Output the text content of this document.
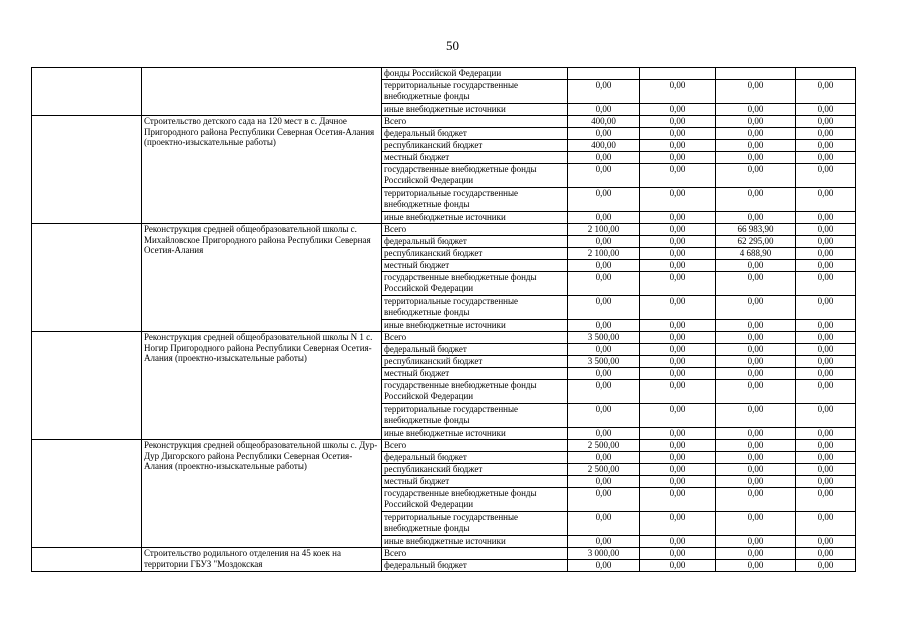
50
		фонды Российской Федерации				
		территориальные государственные внебюджетные фонды	0,00	0,00	0,00	0,00
		иные внебюджетные источники	0,00	0,00	0,00	0,00
	Строительство детского сада на 120 мест в с. Дачное Пригородного района Республики Северная Осетия-Алания (проектно-изыскательные работы)	Всего	400,00	0,00	0,00	0,00
		федеральный бюджет	0,00	0,00	0,00	0,00
		республиканский бюджет	400,00	0,00	0,00	0,00
		местный бюджет	0,00	0,00	0,00	0,00
		государственные внебюджетные фонды Российской Федерации	0,00	0,00	0,00	0,00
		территориальные государственные внебюджетные фонды	0,00	0,00	0,00	0,00
		иные внебюджетные источники	0,00	0,00	0,00	0,00
	Реконструкция средней общеобразовательной школы с. Михайловское Пригородного района Республики Северная Осетия-Алания	Всего	2 100,00	0,00	66 983,90	0,00
		федеральный бюджет	0,00	0,00	62 295,00	0,00
		республиканский бюджет	2 100,00	0,00	4 688,90	0,00
		местный бюджет	0,00	0,00	0,00	0,00
		государственные внебюджетные фонды Российской Федерации	0,00	0,00	0,00	0,00
		территориальные государственные внебюджетные фонды	0,00	0,00	0,00	0,00
		иные внебюджетные источники	0,00	0,00	0,00	0,00
	Реконструкция средней общеобразовательной школы N 1 с. Ногир Пригородного района Республики Северная Осетия-Алания (проектно-изыскательные работы)	Всего	3 500,00	0,00	0,00	0,00
		федеральный бюджет	0,00	0,00	0,00	0,00
		республиканский бюджет	3 500,00	0,00	0,00	0,00
		местный бюджет	0,00	0,00	0,00	0,00
		государственные внебюджетные фонды Российской Федерации	0,00	0,00	0,00	0,00
		территориальные государственные внебюджетные фонды	0,00	0,00	0,00	0,00
		иные внебюджетные источники	0,00	0,00	0,00	0,00
	Реконструкция средней общеобразовательной школы с. Дур-Дур Дигорского района Республики Северная Осетия-Алания (проектно-изыскательные работы)	Всего	2 500,00	0,00	0,00	0,00
		федеральный бюджет	0,00	0,00	0,00	0,00
		республиканский бюджет	2 500,00	0,00	0,00	0,00
		местный бюджет	0,00	0,00	0,00	0,00
		государственные внебюджетные фонды Российской Федерации	0,00	0,00	0,00	0,00
		территориальные государственные внебюджетные фонды	0,00	0,00	0,00	0,00
		иные внебюджетные источники	0,00	0,00	0,00	0,00
	Строительство родильного отделения на 45 коек на территории ГБУЗ "Моздокская	Всего	3 000,00	0,00	0,00	0,00
		федеральный бюджет	0,00	0,00	0,00	0,00
